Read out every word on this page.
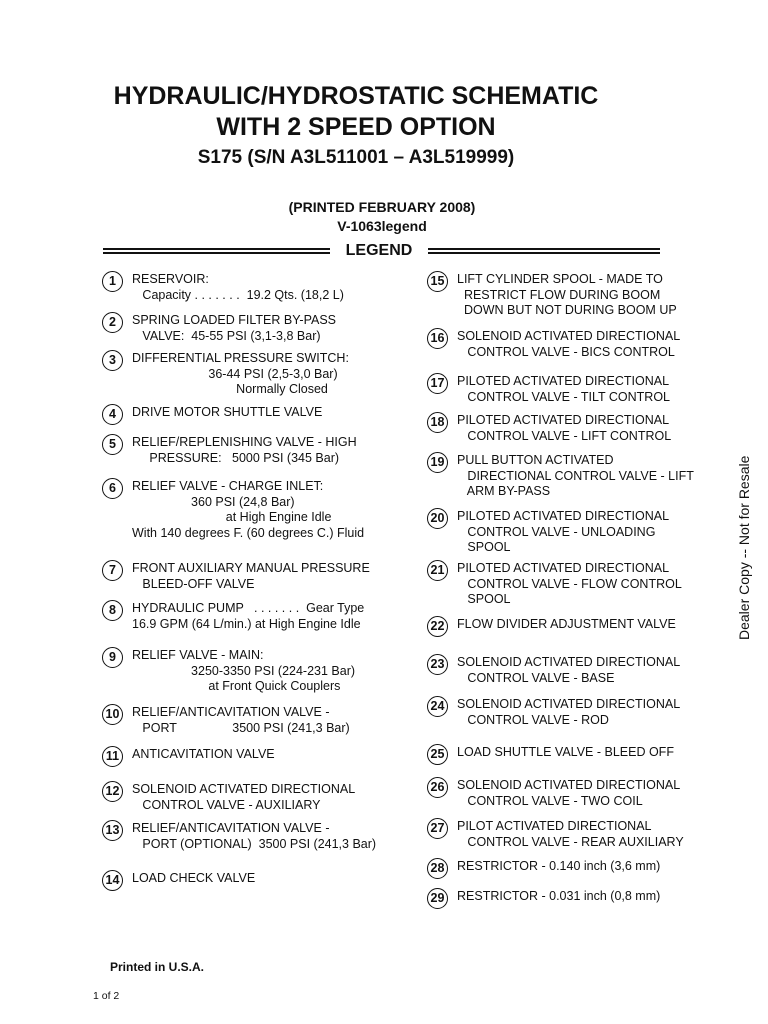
HYDRAULIC/HYDROSTATIC SCHEMATIC
WITH 2 SPEED OPTION
S175 (S/N A3L511001 – A3L519999)
(PRINTED FEBRUARY 2008)
V-1063legend
LEGEND
1	RESERVOIR:
Capacity . . . . . . .  19.2 Qts. (18,2 L)
2	SPRING LOADED FILTER BY-PASS
VALVE:  45-55 PSI (3,1-3,8 Bar)
3	DIFFERENTIAL PRESSURE SWITCH:
36-44 PSI (2,5-3,0 Bar)
Normally Closed
4	DRIVE MOTOR SHUTTLE VALVE
5	RELIEF/REPLENISHING VALVE - HIGH
PRESSURE:   5000 PSI (345 Bar)
6	RELIEF VALVE - CHARGE INLET:
360 PSI (24,8 Bar)
at High Engine Idle
With 140 degrees F. (60 degrees C.) Fluid
7	FRONT AUXILIARY MANUAL PRESSURE
BLEED-OFF VALVE
8	HYDRAULIC PUMP   . . . . . . .  Gear Type
16.9 GPM (64 L/min.) at High Engine Idle
9	RELIEF VALVE - MAIN:
3250-3350 PSI (224-231 Bar)
at Front Quick Couplers
10 RELIEF/ANTICAVITATION VALVE -
PORT                3500 PSI (241,3 Bar)
11	ANTICAVITATION VALVE
12 SOLENOID ACTIVATED DIRECTIONAL
CONTROL VALVE - AUXILIARY
13 RELIEF/ANTICAVITATION VALVE -
PORT (OPTIONAL)  3500 PSI (241,3 Bar)
14 LOAD CHECK VALVE
15 LIFT CYLINDER SPOOL - MADE TO
RESTRICT FLOW DURING BOOM
DOWN BUT NOT DURING BOOM UP
16 SOLENOID ACTIVATED DIRECTIONAL
CONTROL VALVE - BICS CONTROL
17 PILOTED ACTIVATED DIRECTIONAL
CONTROL VALVE - TILT CONTROL
18 PILOTED ACTIVATED DIRECTIONAL
CONTROL VALVE - LIFT CONTROL
19 PULL BUTTON ACTIVATED
DIRECTIONAL CONTROL VALVE - LIFT
ARM BY-PASS
20 PILOTED ACTIVATED DIRECTIONAL
CONTROL VALVE - UNLOADING
SPOOL
21 PILOTED ACTIVATED DIRECTIONAL
CONTROL VALVE - FLOW CONTROL
SPOOL
22 FLOW DIVIDER ADJUSTMENT VALVE
23 SOLENOID ACTIVATED DIRECTIONAL
CONTROL VALVE - BASE
24 SOLENOID ACTIVATED DIRECTIONAL
CONTROL VALVE - ROD
25 LOAD SHUTTLE VALVE - BLEED OFF
26 SOLENOID ACTIVATED DIRECTIONAL
CONTROL VALVE - TWO COIL
27 PILOT ACTIVATED DIRECTIONAL
CONTROL VALVE - REAR AUXILIARY
28 RESTRICTOR - 0.140 inch (3,6 mm)
29 RESTRICTOR - 0.031 inch (0,8 mm)
Dealer Copy -- Not for Resale
Printed in U.S.A.
1 of 2
